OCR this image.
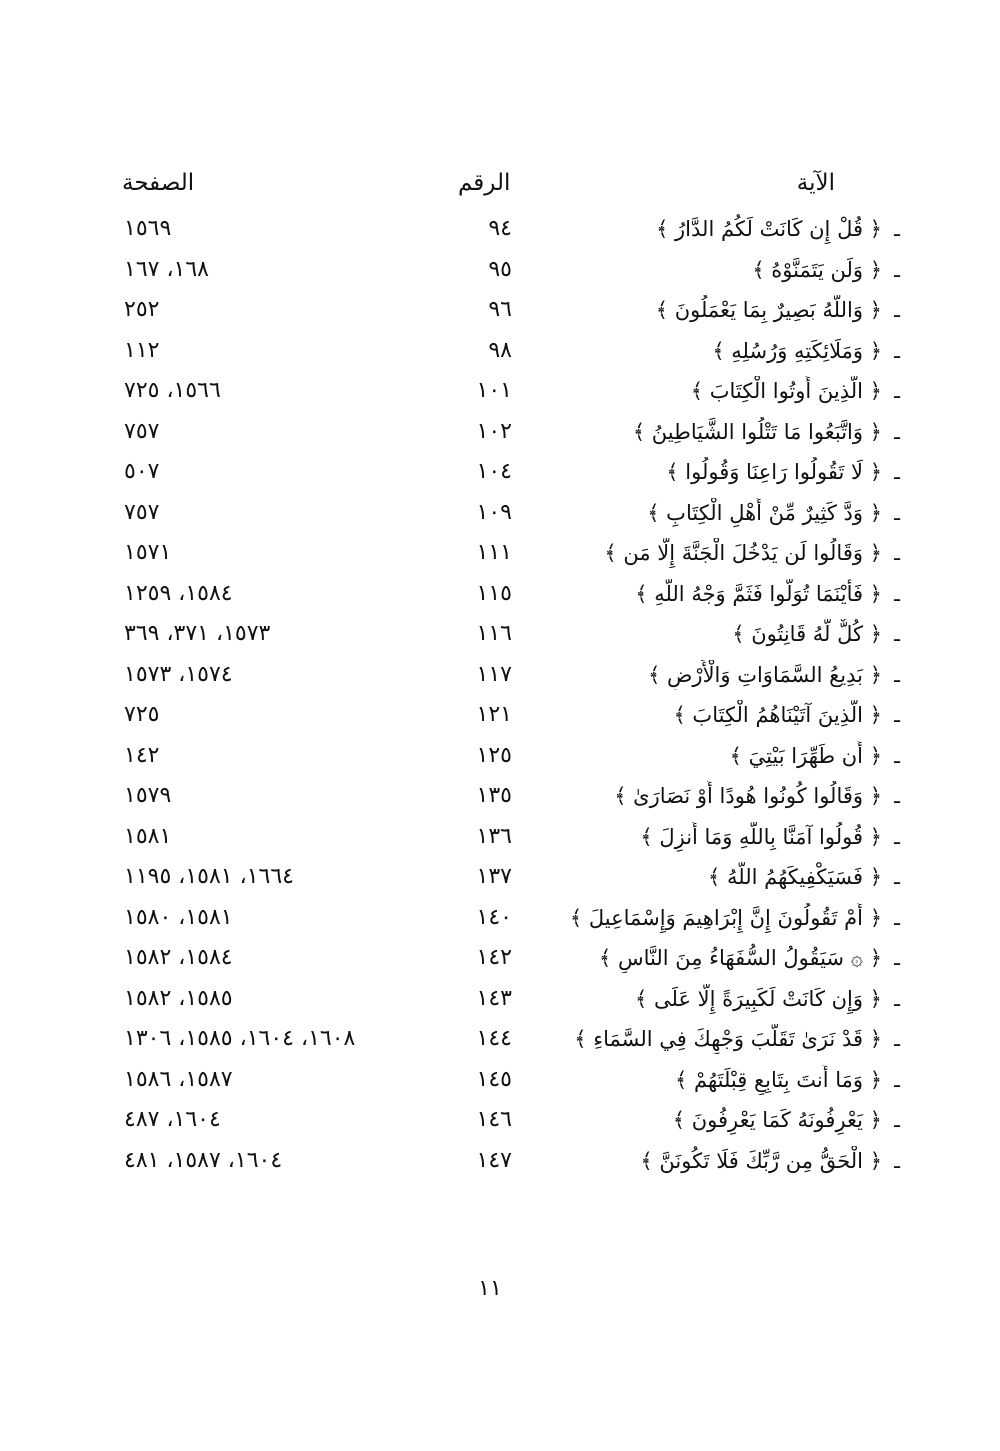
الصفحة	الرقم	الآية
١٥٦٩	٩٤	﴿ قُلْ إِن كَانَتْ لَكُمُ الدَّارُ ﴾ ـ
١٦٨، ١٦٧	٩٥	﴿ وَلَن يَتَمَنَّوْهُ ﴾ ـ
٢٥٢	٩٦	﴿ وَاللَّهُ بَصِيرٌ بِمَا يَعْمَلُونَ ﴾ ـ
١١٢	٩٨	﴿ وَمَلَائِكَتِهِ وَرُسُلِهِ ﴾ ـ
١٥٦٦، ٧٢٥	١٠١	﴿ الَّذِينَ أُوتُوا الْكِتَابَ ﴾ ـ
٧٥٧	١٠٢	﴿ وَاتَّبَعُوا مَا تَتْلُوا الشَّيَاطِينُ ﴾ ـ
٥٠٧	١٠٤	﴿ لَا تَقُولُوا رَاعِنَا وَقُولُوا ﴾ ـ
٧٥٧	١٠٩	﴿ وَدَّ كَثِيرٌ مِّنْ أَهْلِ الْكِتَابِ ﴾ ـ
١٥٧١	١١١	﴿ وَقَالُوا لَن يَدْخُلَ الْجَنَّةَ إِلَّا مَن ﴾ ـ
١٥٨٤، ١٢٥٩	١١٥	﴿ فَأَيْنَمَا تُوَلُّوا فَثَمَّ وَجْهُ اللَّهِ ﴾ ـ
١٥٧٣، ٣٧١، ٣٦٩	١١٦	﴿ كُلٌّ لَّهُ قَانِتُونَ ﴾ ـ
١٥٧٤، ١٥٧٣	١١٧	﴿ بَدِيعُ السَّمَاوَاتِ وَالْأَرْضِ ﴾ ـ
٧٢٥	١٢١	﴿ الَّذِينَ آتَيْنَاهُمُ الْكِتَابَ ﴾ ـ
١٤٢	١٢٥	﴿ أَن طَهِّرَا بَيْتِيَ ﴾ ـ
١٥٧٩	١٣٥	﴿ وَقَالُوا كُونُوا هُودًا أَوْ نَصَارَىٰ ﴾ ـ
١٥٨١	١٣٦	﴿ قُولُوا آمَنَّا بِاللَّهِ وَمَا أُنزِلَ ﴾ ـ
١٦٦٤، ١٥٨١، ١١٩٥	١٣٧	﴿ فَسَيَكْفِيكَهُمُ اللَّهُ ﴾ ـ
١٥٨١، ١٥٨٠	١٤٠	﴿ أَمْ تَقُولُونَ إِنَّ إِبْرَاهِيمَ وَإِسْمَاعِيلَ ﴾ ـ
١٥٨٤، ١٥٨٢	١٤٢	﴿ ۞ سَيَقُولُ السُّفَهَاءُ مِنَ النَّاسِ ﴾ ـ
١٥٨٥، ١٥٨٢	١٤٣	﴿ وَإِن كَانَتْ لَكَبِيرَةً إِلَّا عَلَى ﴾ ـ
١٦٠٨، ١٦٠٤، ١٥٨٥، ١٣٠٦	١٤٤	﴿ قَدْ نَرَىٰ تَقَلُّبَ وَجْهِكَ فِي السَّمَاءِ ﴾ ـ
١٥٨٧، ١٥٨٦	١٤٥	﴿ وَمَا أَنتَ بِتَابِعٍ قِبْلَتَهُمْ ﴾ ـ
١٦٠٤، ٤٨٧	١٤٦	﴿ يَعْرِفُونَهُ كَمَا يَعْرِفُونَ ﴾ ـ
١٦٠٤، ١٥٨٧، ٤٨١	١٤٧	﴿ الْحَقُّ مِن رَّبِّكَ فَلَا تَكُونَنَّ ﴾ ـ
١١
